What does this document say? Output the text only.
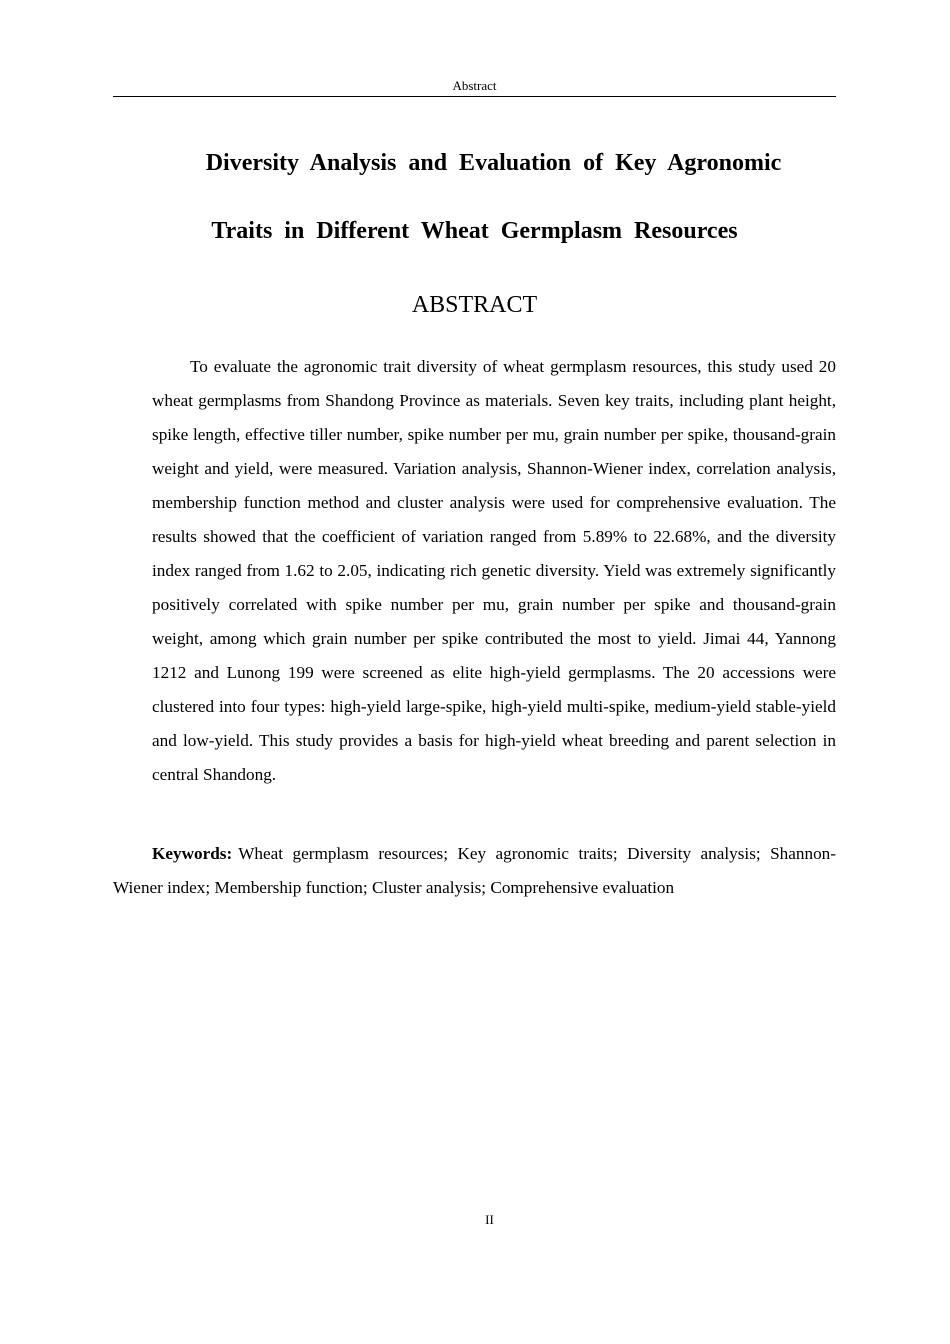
Abstract
Diversity Analysis and Evaluation of Key Agronomic
Traits in Different Wheat Germplasm Resources
ABSTRACT

To evaluate the agronomic trait diversity of wheat germplasm resources, this study used 20 wheat germplasms from Shandong Province as materials. Seven key traits, including plant height, spike length, effective tiller number, spike number per mu, grain number per spike, thousand-grain weight and yield, were measured. Variation analysis, Shannon-Wiener index, correlation analysis, membership function method and cluster analysis were used for comprehensive evaluation. The results showed that the coefficient of variation ranged from 5.89% to 22.68%, and the diversity index ranged from 1.62 to 2.05, indicating rich genetic diversity. Yield was extremely significantly positively correlated with spike number per mu, grain number per spike and thousand-grain weight, among which grain number per spike contributed the most to yield. Jimai 44, Yannong 1212 and Lunong 199 were screened as elite high-yield germplasms. The 20 accessions were clustered into four types: high-yield large-spike, high-yield multi-spike, medium-yield stable-yield and low-yield. This study provides a basis for high-yield wheat breeding and parent selection in central Shandong.

Keywords: Wheat germplasm resources; Key agronomic traits; Diversity analysis; Shannon-Wiener index; Membership function; Cluster analysis; Comprehensive evaluation

II
